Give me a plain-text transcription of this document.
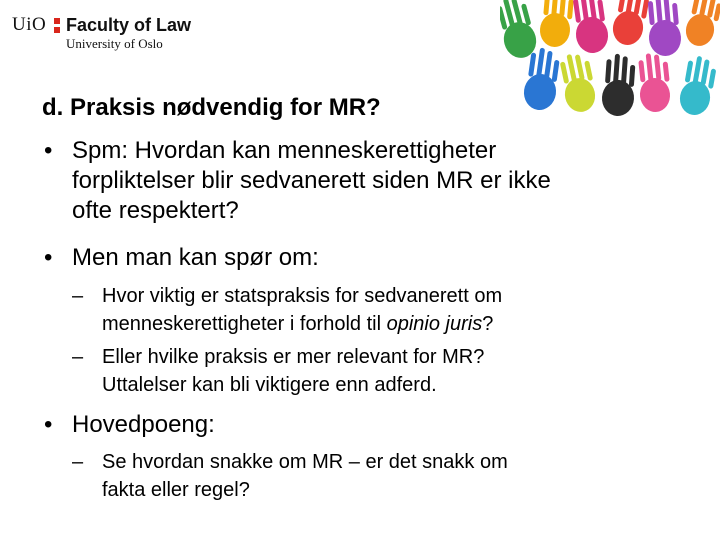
UiO Faculty of Law
University of Oslo
d. Praksis nødvendig for MR?
• Spm: Hvordan kan menneskerettigheter
forpliktelser blir sedvanerett siden MR er ikke
ofte respektert?
• Men man kan spør om:
– Hvor viktig er statspraksis for sedvanerett om
menneskerettigheter i forhold til opinio juris?
– Eller hvilke praksis er mer relevant for MR?
Uttalelser kan bli viktigere enn adferd.
• Hovedpoeng:
– Se hvordan snakke om MR – er det snakk om
fakta eller regel?
